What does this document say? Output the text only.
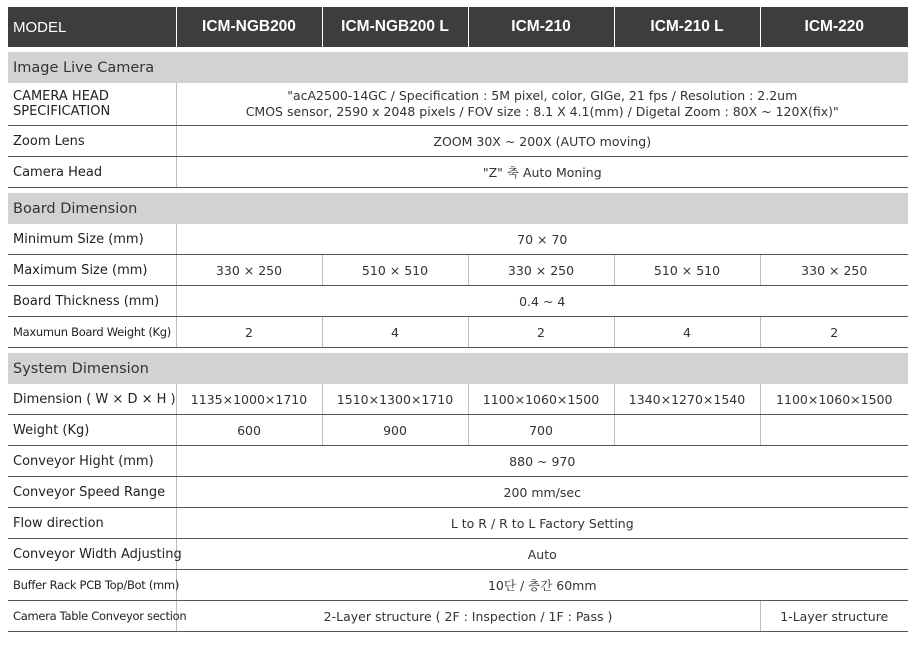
MODEL	ICM-NGB200	ICM-NGB200 L	ICM-210	ICM-210 L	ICM-220

Image Live Camera					

CAMERA HEAD
SPECIFICATION	"acA2500-14GC / Specification : 5M pixel, color, GIGe, 21 fps / Resolution : 2.2um
CMOS sensor, 2590 x 2048 pixels / FOV size : 8.1 X 4.1(mm) / Digetal Zoom : 80X ~ 120X(fix)"				

Zoom Lens	ZOOM 30X ~ 200X (AUTO moving)				
Camera Head	"Z" 축 Auto Moning				

Board Dimension					
Minimum Size (mm)	70 × 70				
Maximum Size (mm)	330 × 250	510 × 510	330 × 250	510 × 510	330 × 250
Board Thickness (mm)	0.4 ~ 4				
Maxumun Board Weight (Kg)	2	4	2	4	2

System Dimension					
Dimension ( W × D × H )	1135×1000×1710	1510×1300×1710	1100×1060×1500	1340×1270×1540	1100×1060×1500
Weight (Kg)	600	900	700		
Conveyor Hight (mm)	880 ~ 970				
Conveyor Speed Range	200 mm/sec				
Flow direction	L to R / R to L Factory Setting				
Conveyor Width Adjusting	Auto				
Buffer Rack PCB Top/Bot (mm)	10단 / 층간 60mm				
Camera Table Conveyor section	2-Layer structure ( 2F : Inspection / 1F : Pass )				1-Layer structure
